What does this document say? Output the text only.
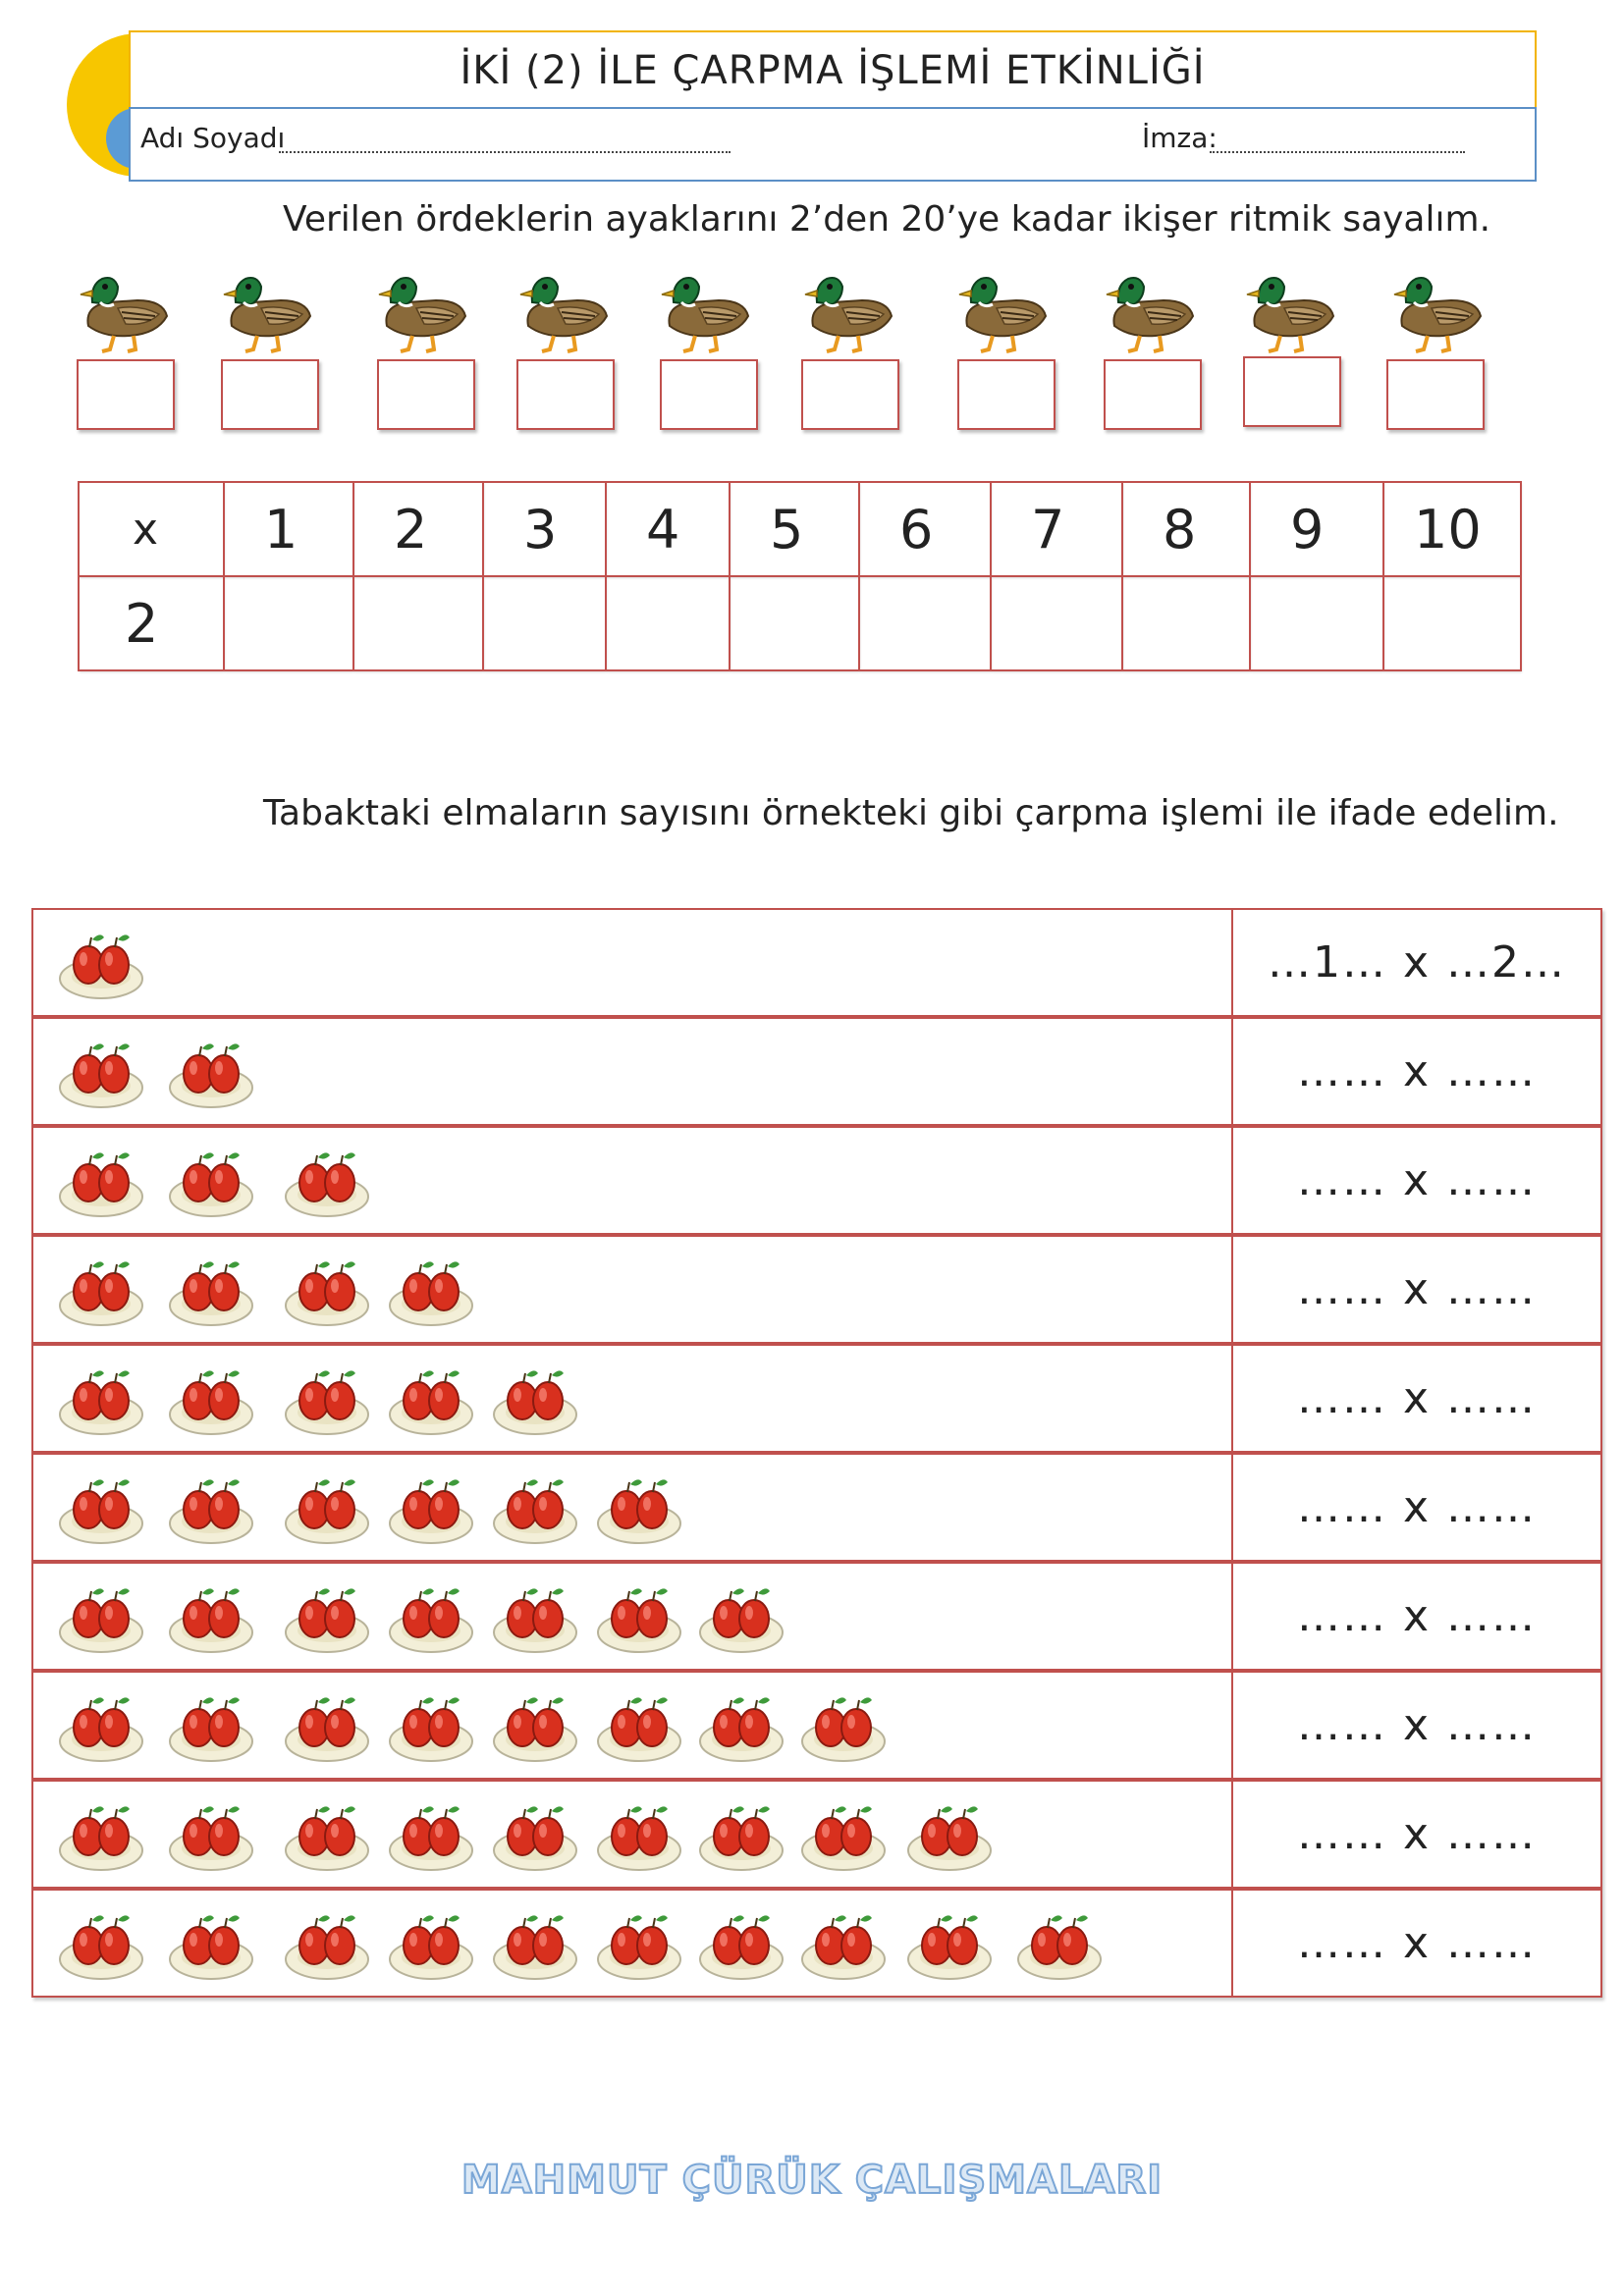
İKİ (2) İLE ÇARPMA İŞLEMİ ETKİNLİĞİ
Adı Soyadı	İmza:
Verilen ördeklerin ayaklarını 2’den 20’ye kadar ikişer ritmik sayalım.
x	1	2	3	4	5	6	7	8	9	10
2										
Tabaktaki elmaların sayısını örnekteki gibi çarpma işlemi ile ifade edelim.
…1… x …2…
…… x ……
…… x ……
…… x ……
…… x ……
…… x ……
…… x ……
…… x ……
…… x ……
…… x ……
MAHMUT ÇÜRÜK ÇALIŞMALARI
